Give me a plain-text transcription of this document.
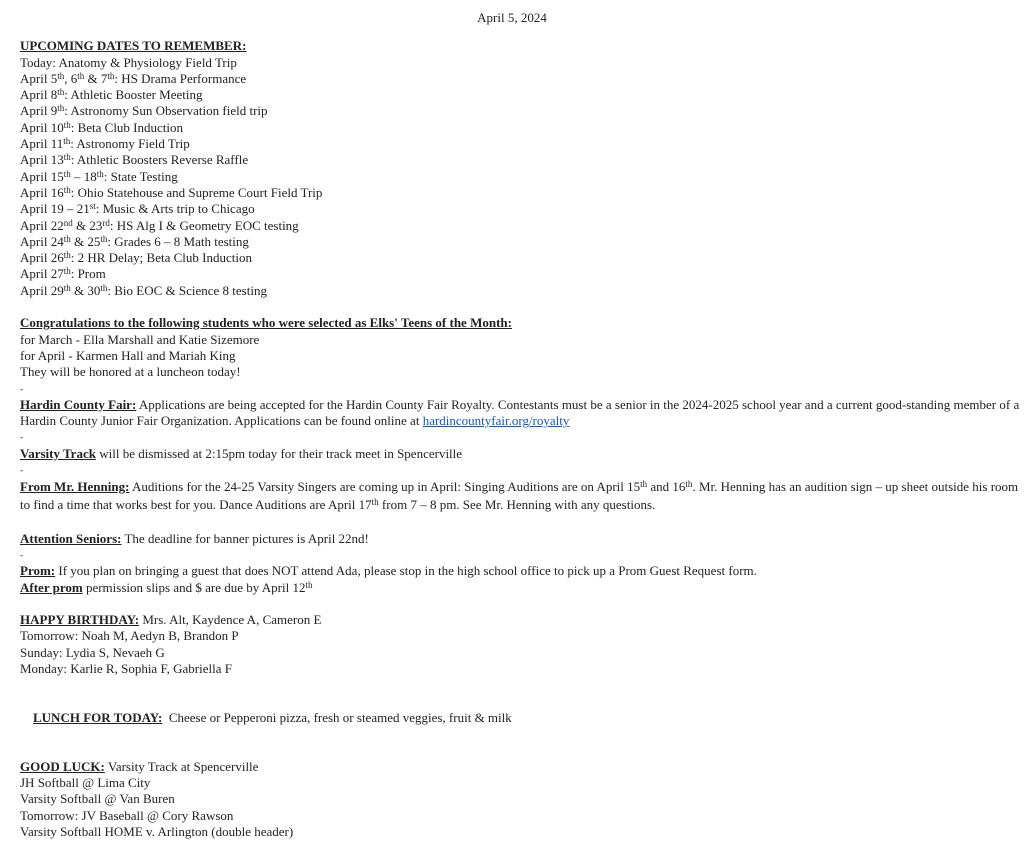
April 5, 2024
UPCOMING DATES TO REMEMBER:
Today: Anatomy & Physiology Field Trip
April 5th, 6th & 7th: HS Drama Performance
April 8th: Athletic Booster Meeting
April 9th: Astronomy Sun Observation field trip
April 10th: Beta Club Induction
April 11th: Astronomy Field Trip
April 13th: Athletic Boosters Reverse Raffle
April 15th – 18th: State Testing
April 16th: Ohio Statehouse and Supreme Court Field Trip
April 19 – 21st: Music & Arts trip to Chicago
April 22nd & 23rd: HS Alg I & Geometry EOC testing
April 24th & 25th: Grades 6 – 8 Math testing
April 26th: 2 HR Delay; Beta Club Induction
April 27th: Prom
April 29th & 30th: Bio EOC & Science 8 testing
Congratulations to the following students who were selected as Elks' Teens of the Month:
for March - Ella Marshall and Katie Sizemore
for April - Karmen Hall and Mariah King
They will be honored at a luncheon today!
-
Hardin County Fair: Applications are being accepted for the Hardin County Fair Royalty. Contestants must be a senior in the 2024-2025 school year and a current good-standing member of a Hardin County Junior Fair Organization. Applications can be found online at hardincountyfair.org/royalty
-
Varsity Track will be dismissed at 2:15pm today for their track meet in Spencerville
-
From Mr. Henning: Auditions for the 24-25 Varsity Singers are coming up in April: Singing Auditions are on April 15th and 16th. Mr. Henning has an audition sign – up sheet outside his room to find a time that works best for you. Dance Auditions are April 17th from 7 – 8 pm. See Mr. Henning with any questions.
Attention Seniors: The deadline for banner pictures is April 22nd!
-
Prom: If you plan on bringing a guest that does NOT attend Ada, please stop in the high school office to pick up a Prom Guest Request form.
After prom permission slips and $ are due by April 12th
HAPPY BIRTHDAY: Mrs. Alt, Kaydence A, Cameron E
Tomorrow: Noah M, Aedyn B, Brandon P
Sunday: Lydia S, Nevaeh G
Monday: Karlie R, Sophia F, Gabriella F

LUNCH FOR TODAY:  Cheese or Pepperoni pizza, fresh or steamed veggies, fruit & milk

GOOD LUCK: Varsity Track at Spencerville
JH Softball @ Lima City
Varsity Softball @ Van Buren
Tomorrow: JV Baseball @ Cory Rawson
Varsity Softball HOME v. Arlington (double header)
